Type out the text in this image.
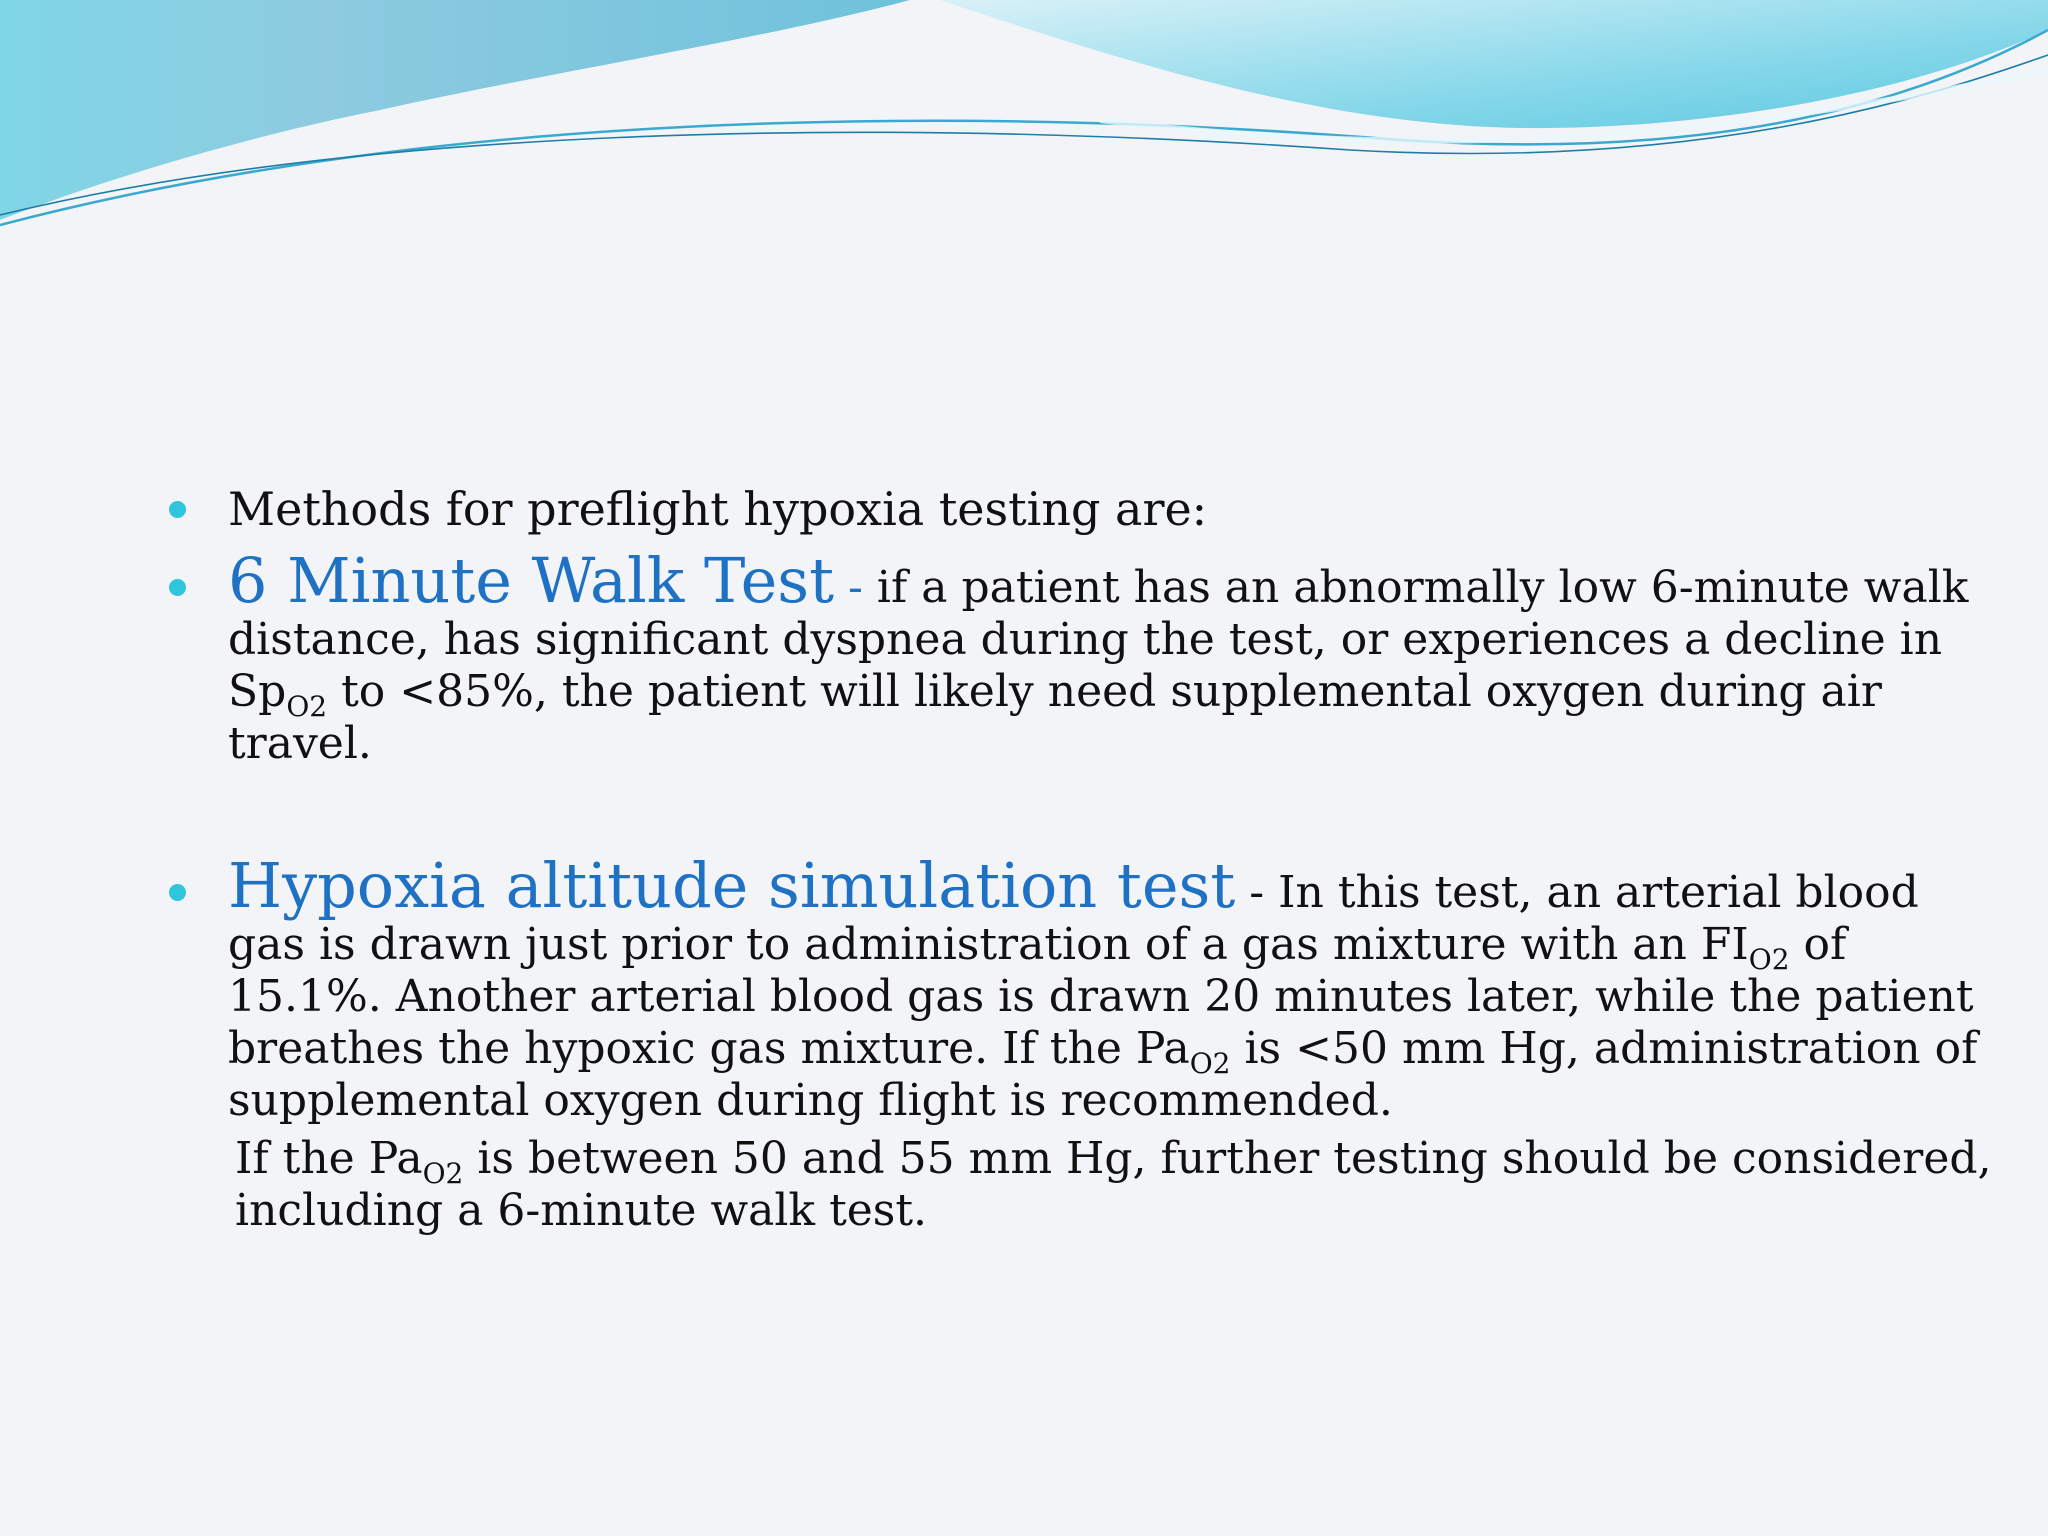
Methods for preflight hypoxia testing are:
6 Minute Walk Test - if a patient has an abnormally low 6-minute walk distance, has significant dyspnea during the test, or experiences a decline in $Sp_{O2}$ to <85%, the patient will likely need supplemental oxygen during air travel.
Hypoxia altitude simulation test - In this test, an arterial blood gas is drawn just prior to administration of a gas mixture with an $FI_{O2}$ of 15.1%. Another arterial blood gas is drawn 20 minutes later, while the patient breathes the hypoxic gas mixture. If the $Pa_{O2}$ is <50 mm Hg, administration of supplemental oxygen during flight is recommended.
If the $Pa_{O2}$ is between 50 and 55 mm Hg, further testing should be considered, including a 6-minute walk test.
